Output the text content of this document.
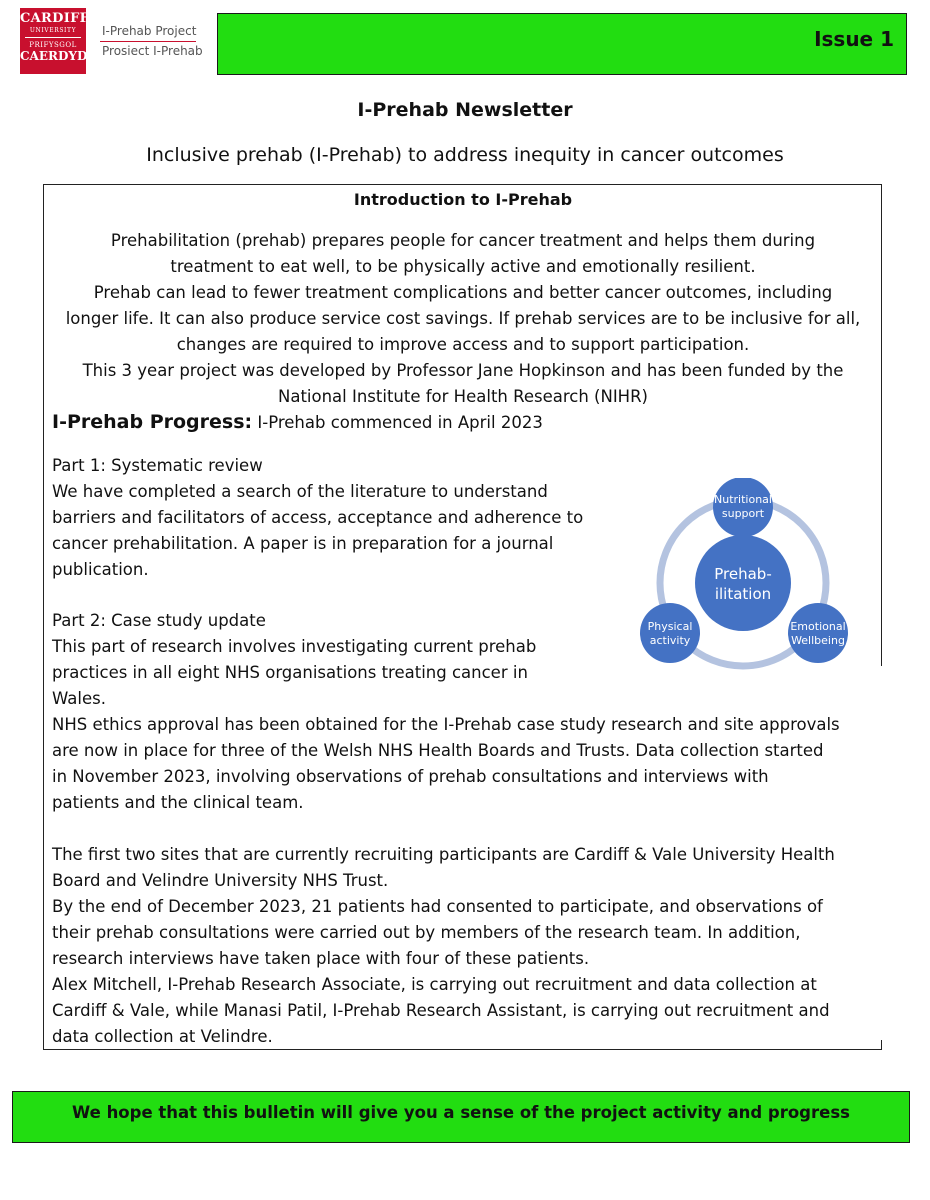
CARDIFF
UNIVERSITY
PRIFYSGOL
CAERDYDD
I-Prehab Project
Prosiect I-Prehab	Issue 1
I-Prehab Newsletter
Inclusive prehab (I-Prehab) to address inequity in cancer outcomes
Introduction to I-Prehab
Prehabilitation (prehab) prepares people for cancer treatment and helps them during
treatment to eat well, to be physically active and emotionally resilient.
Prehab can lead to fewer treatment complications and better cancer outcomes, including
longer life. It can also produce service cost savings. If prehab services are to be inclusive for all,
changes are required to improve access and to support participation.
This 3 year project was developed by Professor Jane Hopkinson and has been funded by the
National Institute for Health Research (NIHR)
I-Prehab Progress: I-Prehab commenced in April 2023
Part 1: Systematic review
We have completed a search of the literature to understand
barriers and facilitators of access, acceptance and adherence to
cancer prehabilitation. A paper is in preparation for a journal
publication.
Part 2: Case study update
This part of research involves investigating current prehab
practices in all eight NHS organisations treating cancer in
Wales.
NHS ethics approval has been obtained for the I-Prehab case study research and site approvals
are now in place for three of the Welsh NHS Health Boards and Trusts. Data collection started
in November 2023, involving observations of prehab consultations and interviews with
patients and the clinical team.
The first two sites that are currently recruiting participants are Cardiff & Vale University Health
Board and Velindre University NHS Trust.
By the end of December 2023, 21 patients had consented to participate, and observations of
their prehab consultations were carried out by members of the research team. In addition,
research interviews have taken place with four of these patients.
Alex Mitchell, I-Prehab Research Associate, is carrying out recruitment and data collection at
Cardiff & Vale, while Manasi Patil, I-Prehab Research Assistant, is carrying out recruitment and
data collection at Velindre.
Prehab-
ilitation
Nutritional
support
Emotional
Wellbeing
Physical
activity
We hope that this bulletin will give you a sense of the project activity and progress
